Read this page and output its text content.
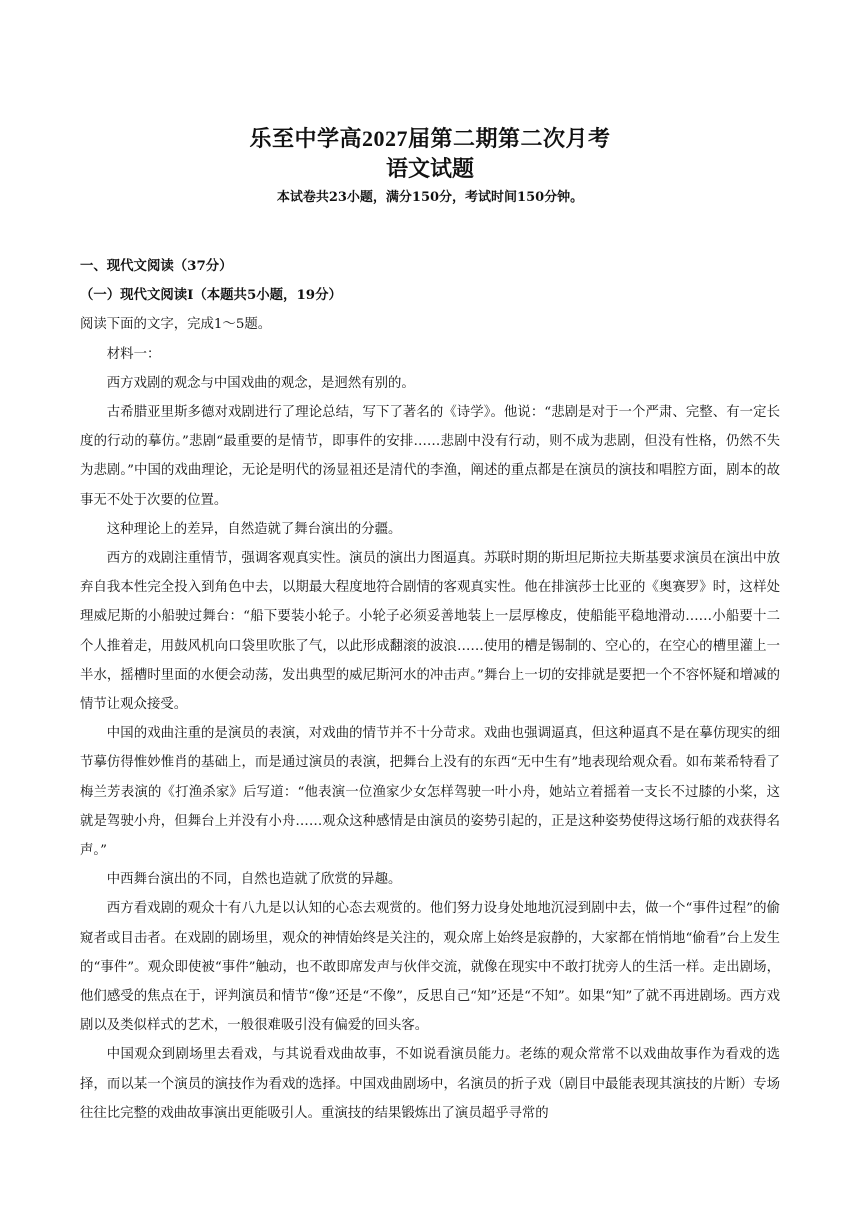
乐至中学高2027届第二期第二次月考
语文试题
本试卷共23小题，满分150分，考试时间150分钟。

一、现代文阅读（37分）

（一）现代文阅读Ⅰ（本题共5小题，19分）

阅读下面的文字，完成1～5题。

材料一：

西方戏剧的观念与中国戏曲的观念，是迥然有别的。

古希腊亚里斯多德对戏剧进行了理论总结，写下了著名的《诗学》。他说：“悲剧是对于一个严肃、完整、有一定长度的行动的摹仿。”悲剧“最重要的是情节，即事件的安排……悲剧中没有行动，则不成为悲剧，但没有性格，仍然不失为悲剧。”中国的戏曲理论，无论是明代的汤显祖还是清代的李渔，阐述的重点都是在演员的演技和唱腔方面，剧本的故事无不处于次要的位置。

这种理论上的差异，自然造就了舞台演出的分疆。

西方的戏剧注重情节，强调客观真实性。演员的演出力图逼真。苏联时期的斯坦尼斯拉夫斯基要求演员在演出中放弃自我本性完全投入到角色中去，以期最大程度地符合剧情的客观真实性。他在排演莎士比亚的《奥赛罗》时，这样处理威尼斯的小船驶过舞台：“船下要装小轮子。小轮子必须妥善地装上一层厚橡皮，使船能平稳地滑动……小船要十二个人推着走，用鼓风机向口袋里吹胀了气，以此形成翻滚的波浪……使用的槽是锡制的、空心的，在空心的槽里灌上一半水，摇槽时里面的水便会动荡，发出典型的威尼斯河水的冲击声。”舞台上一切的安排就是要把一个不容怀疑和增减的情节让观众接受。

中国的戏曲注重的是演员的表演，对戏曲的情节并不十分苛求。戏曲也强调逼真，但这种逼真不是在摹仿现实的细节摹仿得惟妙惟肖的基础上，而是通过演员的表演，把舞台上没有的东西“无中生有”地表现给观众看。如布莱希特看了梅兰芳表演的《打渔杀家》后写道：“他表演一位渔家少女怎样驾驶一叶小舟，她站立着摇着一支长不过膝的小桨，这就是驾驶小舟，但舞台上并没有小舟……观众这种感情是由演员的姿势引起的，正是这种姿势使得这场行船的戏获得名声。”

中西舞台演出的不同，自然也造就了欣赏的异趣。

西方看戏剧的观众十有八九是以认知的心态去观赏的。他们努力设身处地地沉浸到剧中去，做一个“事件过程”的偷窥者或目击者。在戏剧的剧场里，观众的神情始终是关注的，观众席上始终是寂静的，大家都在悄悄地“偷看”台上发生的“事件”。观众即使被“事件”触动，也不敢即席发声与伙伴交流，就像在现实中不敢打扰旁人的生活一样。走出剧场，他们感受的焦点在于，评判演员和情节“像”还是“不像”，反思自己“知”还是“不知”。如果“知”了就不再进剧场。西方戏剧以及类似样式的艺术，一般很难吸引没有偏爱的回头客。

中国观众到剧场里去看戏，与其说看戏曲故事，不如说看演员能力。老练的观众常常不以戏曲故事作为看戏的选择，而以某一个演员的演技作为看戏的选择。中国戏曲剧场中，名演员的折子戏（剧目中最能表现其演技的片断）专场往往比完整的戏曲故事演出更能吸引人。重演技的结果锻炼出了演员超乎寻常的
